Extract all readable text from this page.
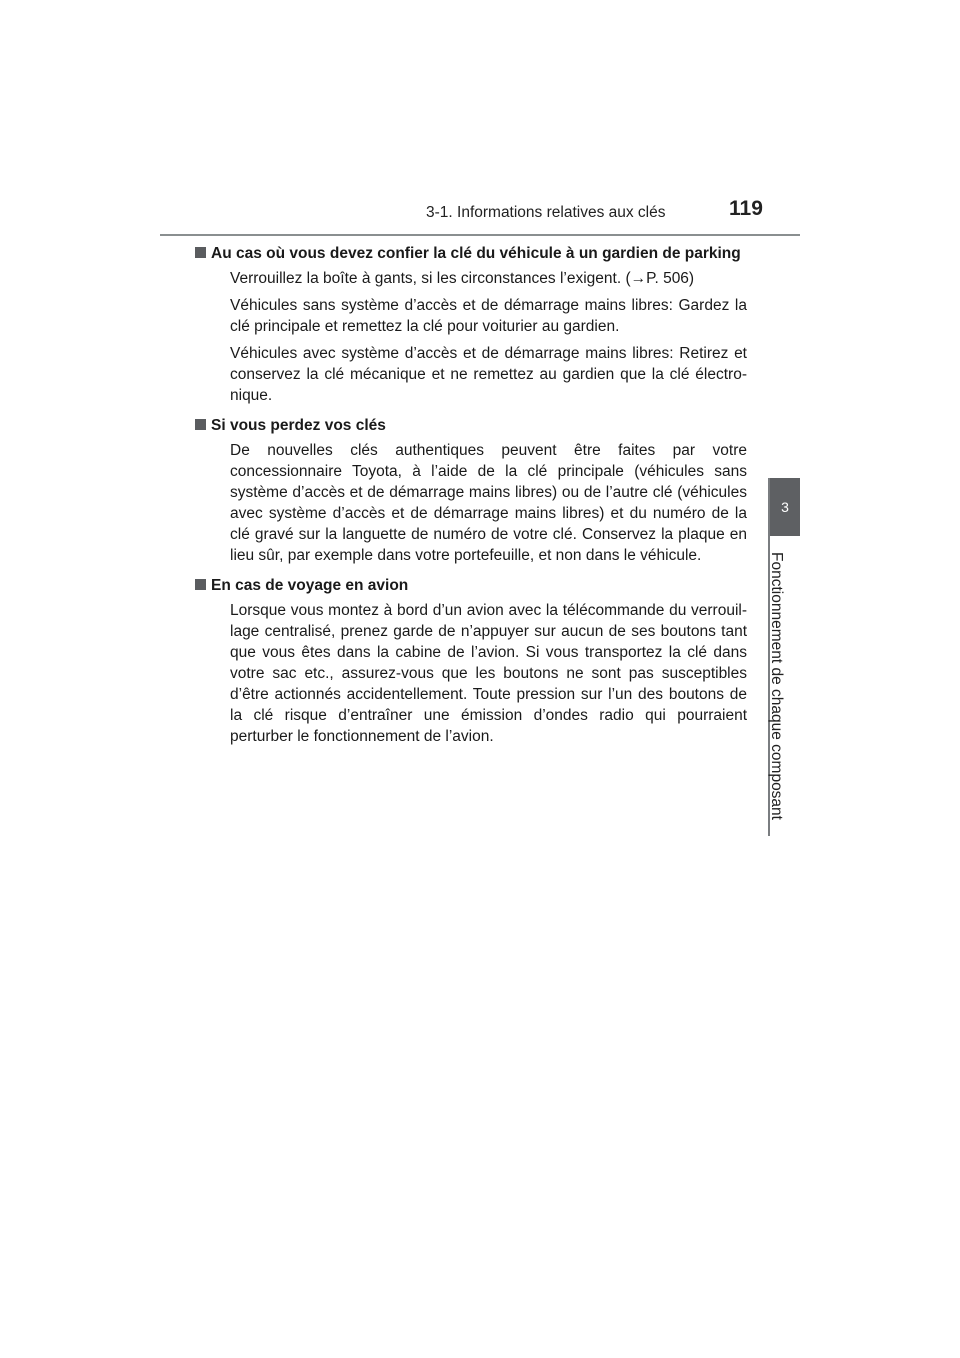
3-1. Informations relatives aux clés	119
3
Fonctionnement de chaque composant
Au cas où vous devez confier la clé du véhicule à un gardien de parking

Verrouillez la boîte à gants, si les circonstances l’exigent. (→P. 506)

Véhicules sans système d’accès et de démarrage mains libres: Gardez la clé principale et remettez la clé pour voiturier au gardien.

Véhicules avec système d’accès et de démarrage mains libres: Retirez et conservez la clé mécanique et ne remettez au gardien que la clé électro-nique.

Si vous perdez vos clés

De nouvelles clés authentiques peuvent être faites par votre concessionnaire Toyota, à l’aide de la clé principale (véhicules sans système d’accès et de démarrage mains libres) ou de l’autre clé (véhicules avec système d’accès et de démarrage mains libres) et du numéro de la clé gravé sur la languette de numéro de votre clé. Conservez la plaque en lieu sûr, par exemple dans votre portefeuille, et non dans le véhicule.

En cas de voyage en avion

Lorsque vous montez à bord d’un avion avec la télécommande du verrouil-lage centralisé, prenez garde de n’appuyer sur aucun de ses boutons tant que vous êtes dans la cabine de l’avion. Si vous transportez la clé dans votre sac etc., assurez-vous que les boutons ne sont pas susceptibles d’être actionnés accidentellement. Toute pression sur l’un des boutons de la clé risque d’entraîner une émission d’ondes radio qui pourraient perturber le fonctionnement de l’avion.
